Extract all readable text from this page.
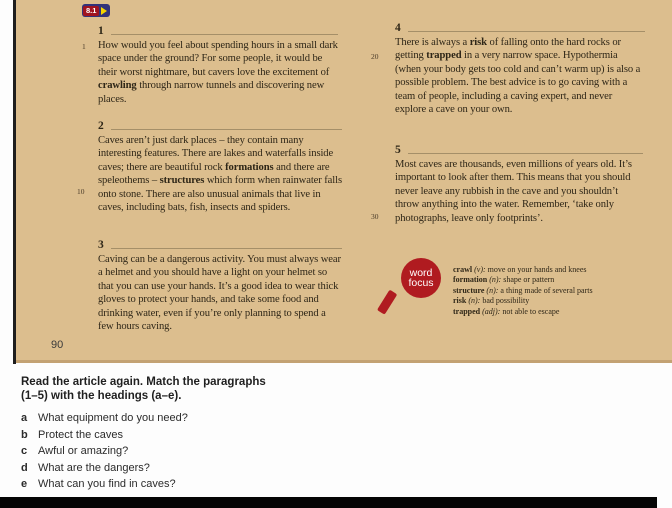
8.1
1
How would you feel about spending hours in a small dark space under the ground? For some people, it would be their worst nightmare, but cavers love the excitement of crawling through narrow tunnels and discovering new places.
2
Caves aren’t just dark places – they contain many interesting features. There are lakes and waterfalls inside caves; there are beautiful rock formations and there are speleothems – structures which form when rainwater falls onto stone. There are also unusual animals that live in caves, including bats, fish, insects and spiders.
3
Caving can be a dangerous activity. You must always wear a helmet and you should have a light on your helmet so that you can use your hands. It’s a good idea to wear thick gloves to protect your hands, and take some food and drinking water, even if you’re only planning to spend a few hours caving.
4
There is always a risk of falling onto the hard rocks or getting trapped in a very narrow space. Hypothermia (when your body gets too cold and can’t warm up) is also a possible problem. The best advice is to go caving with a team of people, including a caving expert, and never explore a cave on your own.
5
Most caves are thousands, even millions of years old. It’s important to look after them. This means that you should never leave any rubbish in the cave and you shouldn’t throw anything into the water. Remember, ‘take only photographs, leave only footprints’.
1
10
20
30
word
focus
crawl (v): move on your hands and knees
formation (n): shape or pattern
structure (n): a thing made of several parts
risk (n): bad possibility
trapped (adj): not able to escape
90

Read the article again. Match the paragraphs
(1–5) with the headings (a–e).

a What equipment do you need?
b Protect the caves
c Awful or amazing?
d What are the dangers?
e What can you find in caves?
